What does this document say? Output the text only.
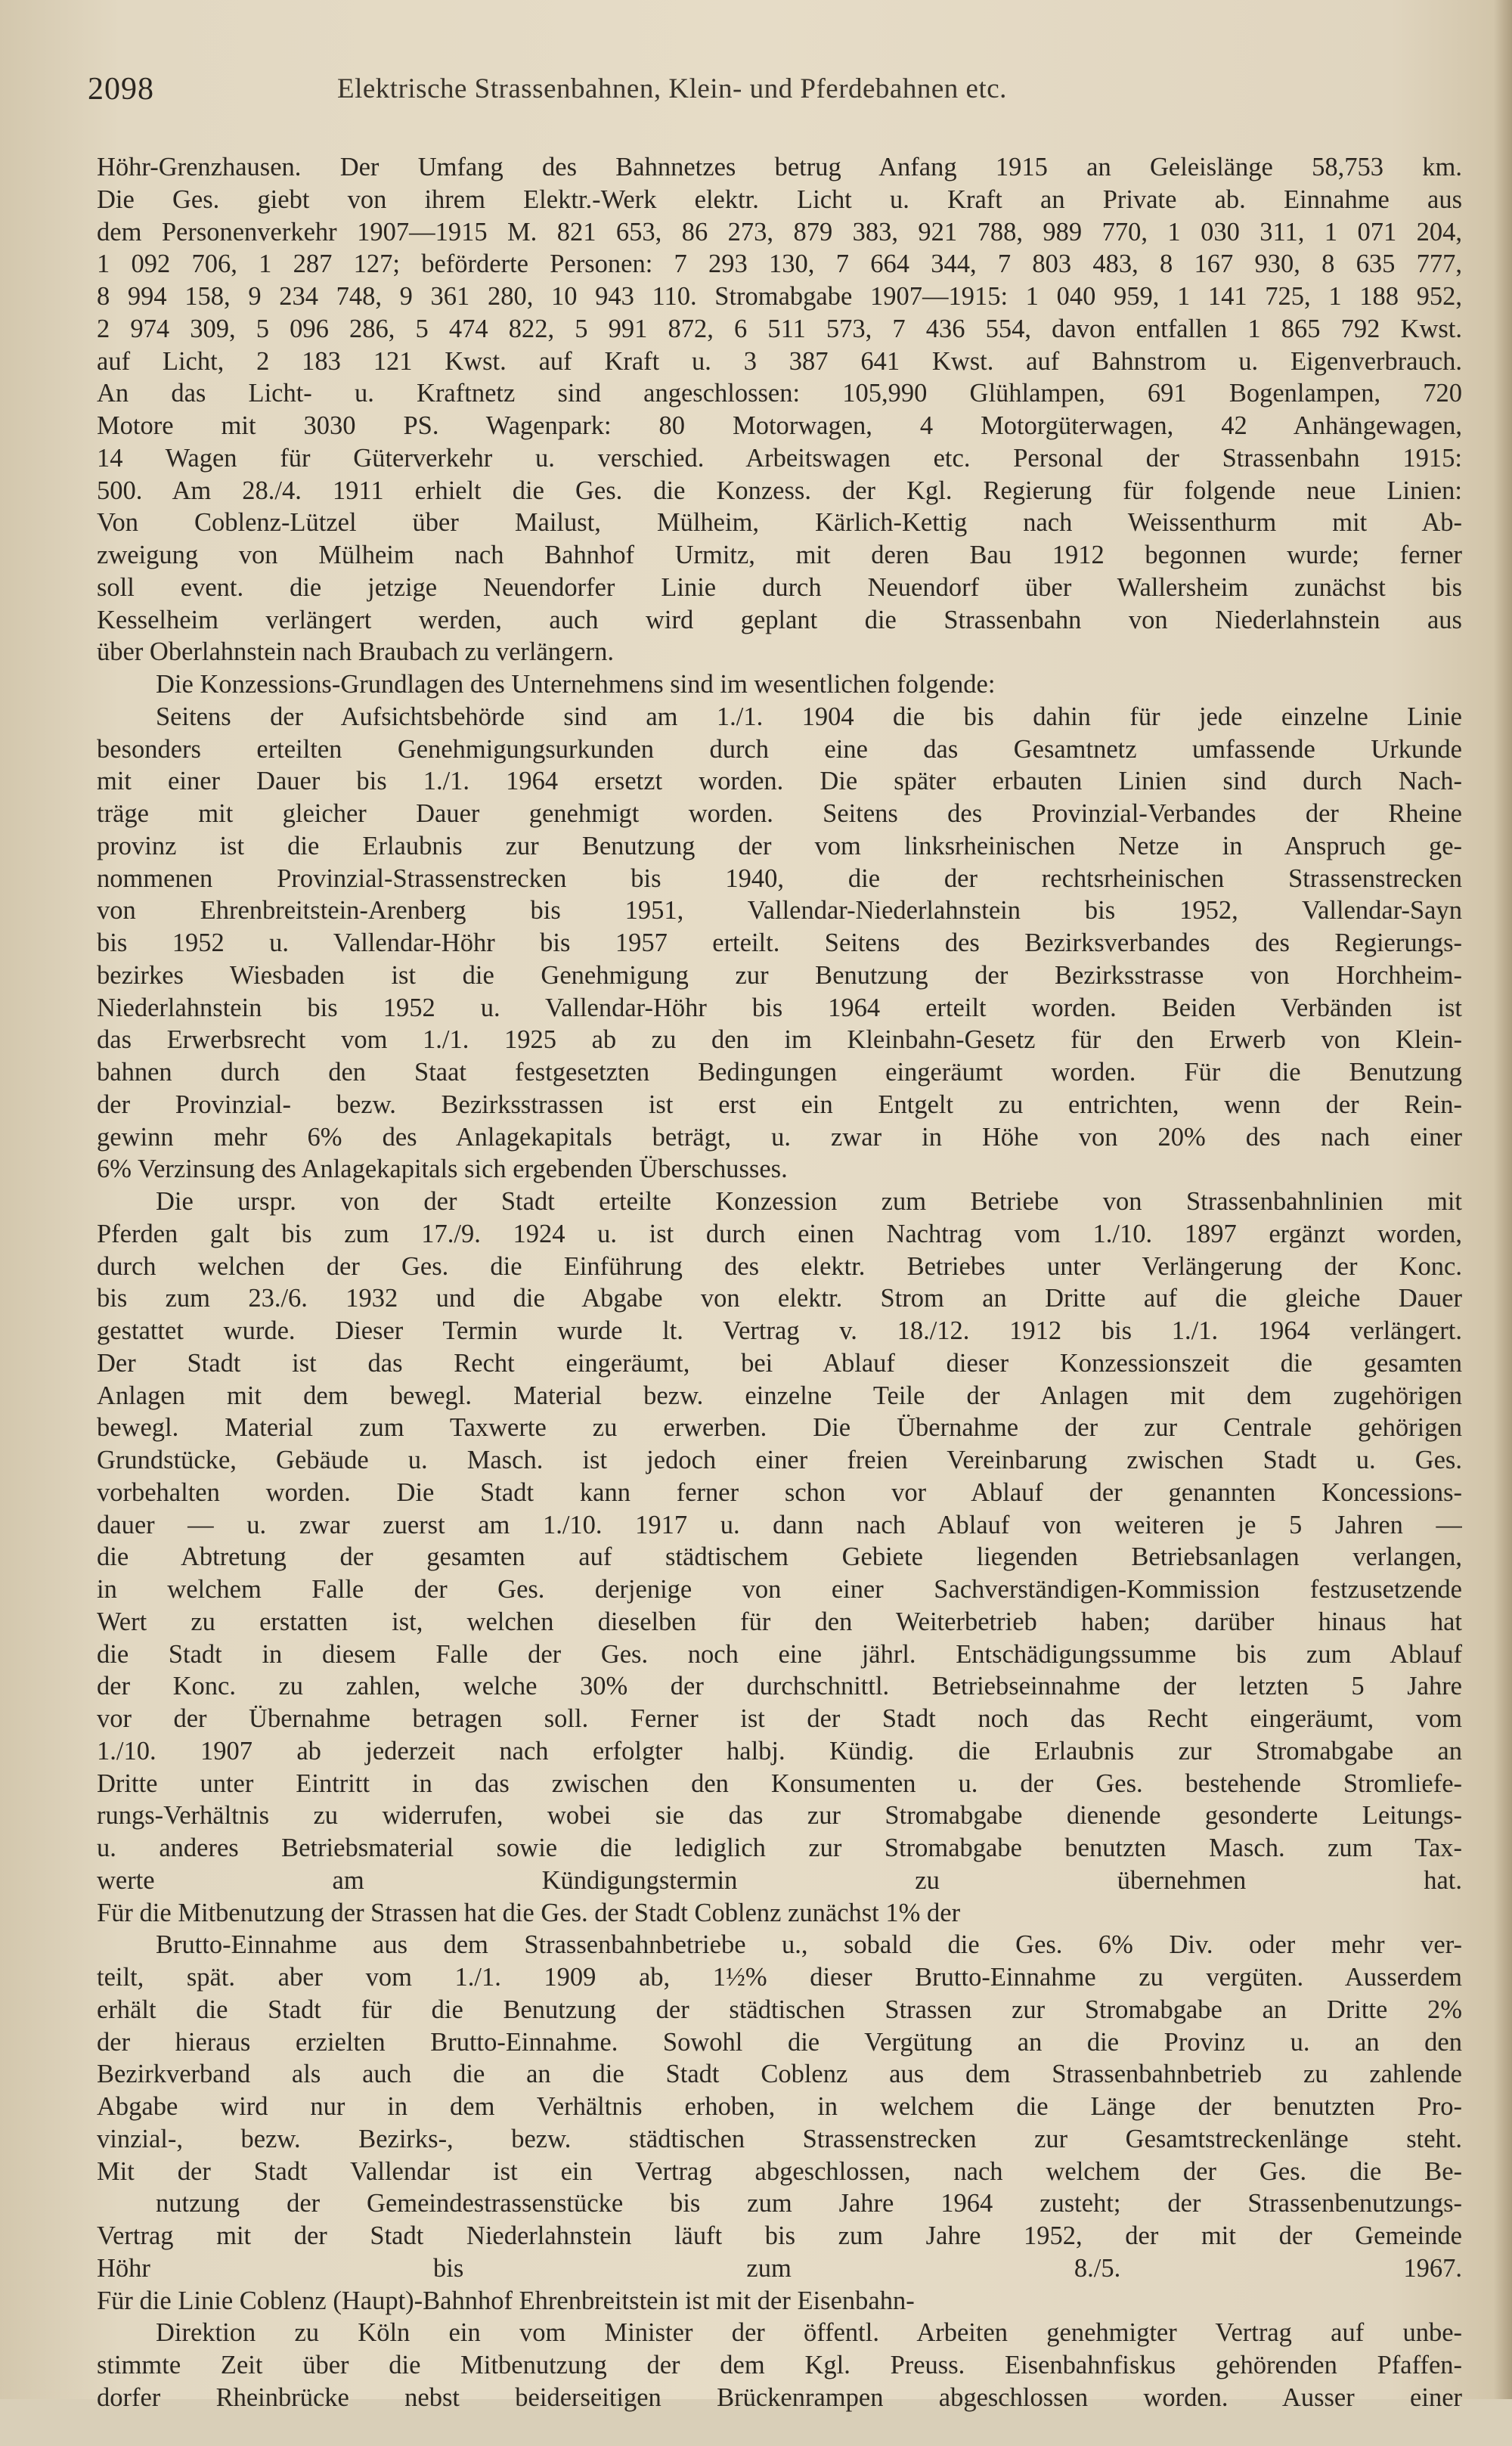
2098	Elektrische Strassenbahnen, Klein- und Pferdebahnen etc.
Höhr-Grenzhausen. Der Umfang des Bahnnetzes betrug Anfang 1915 an Geleislänge 58,753 km.
Die Ges. giebt von ihrem Elektr.-Werk elektr. Licht u. Kraft an Private ab. Einnahme aus
dem Personenverkehr 1907—1915 M. 821 653, 86 273, 879 383, 921 788, 989 770, 1 030 311, 1 071 204,
1 092 706, 1 287 127; beförderte Personen: 7 293 130, 7 664 344, 7 803 483, 8 167 930, 8 635 777,
8 994 158, 9 234 748, 9 361 280, 10 943 110. Stromabgabe 1907—1915: 1 040 959, 1 141 725, 1 188 952,
2 974 309, 5 096 286, 5 474 822, 5 991 872, 6 511 573, 7 436 554, davon entfallen 1 865 792 Kwst.
auf Licht, 2 183 121 Kwst. auf Kraft u. 3 387 641 Kwst. auf Bahnstrom u. Eigenverbrauch.
An das Licht- u. Kraftnetz sind angeschlossen: 105,990 Glühlampen, 691 Bogenlampen, 720
Motore mit 3030 PS. Wagenpark: 80 Motorwagen, 4 Motorgüterwagen, 42 Anhängewagen,
14 Wagen für Güterverkehr u. verschied. Arbeitswagen etc. Personal der Strassenbahn 1915:
500. Am 28./4. 1911 erhielt die Ges. die Konzess. der Kgl. Regierung für folgende neue Linien:
Von Coblenz-Lützel über Mailust, Mülheim, Kärlich-Kettig nach Weissenthurm mit Ab-
zweigung von Mülheim nach Bahnhof Urmitz, mit deren Bau 1912 begonnen wurde; ferner
soll event. die jetzige Neuendorfer Linie durch Neuendorf über Wallersheim zunächst bis
Kesselheim verlängert werden, auch wird geplant die Strassenbahn von Niederlahnstein aus
über Oberlahnstein nach Braubach zu verlängern.
Die Konzessions-Grundlagen des Unternehmens sind im wesentlichen folgende:
Seitens der Aufsichtsbehörde sind am 1./1. 1904 die bis dahin für jede einzelne Linie
besonders erteilten Genehmigungsurkunden durch eine das Gesamtnetz umfassende Urkunde
mit einer Dauer bis 1./1. 1964 ersetzt worden. Die später erbauten Linien sind durch Nach-
träge mit gleicher Dauer genehmigt worden. Seitens des Provinzial-Verbandes der Rheine
provinz ist die Erlaubnis zur Benutzung der vom linksrheinischen Netze in Anspruch ge-
nommenen Provinzial-Strassenstrecken bis 1940, die der rechtsrheinischen Strassenstrecken
von Ehrenbreitstein-Arenberg bis 1951, Vallendar-Niederlahnstein bis 1952, Vallendar-Sayn
bis 1952 u. Vallendar-Höhr bis 1957 erteilt. Seitens des Bezirksverbandes des Regierungs-
bezirkes Wiesbaden ist die Genehmigung zur Benutzung der Bezirksstrasse von Horchheim-
Niederlahnstein bis 1952 u. Vallendar-Höhr bis 1964 erteilt worden. Beiden Verbänden ist
das Erwerbsrecht vom 1./1. 1925 ab zu den im Kleinbahn-Gesetz für den Erwerb von Klein-
bahnen durch den Staat festgesetzten Bedingungen eingeräumt worden. Für die Benutzung
der Provinzial- bezw. Bezirksstrassen ist erst ein Entgelt zu entrichten, wenn der Rein-
gewinn mehr 6% des Anlagekapitals beträgt, u. zwar in Höhe von 20% des nach einer
6% Verzinsung des Anlagekapitals sich ergebenden Überschusses.
Die urspr. von der Stadt erteilte Konzession zum Betriebe von Strassenbahnlinien mit
Pferden galt bis zum 17./9. 1924 u. ist durch einen Nachtrag vom 1./10. 1897 ergänzt worden,
durch welchen der Ges. die Einführung des elektr. Betriebes unter Verlängerung der Konc.
bis zum 23./6. 1932 und die Abgabe von elektr. Strom an Dritte auf die gleiche Dauer
gestattet wurde. Dieser Termin wurde lt. Vertrag v. 18./12. 1912 bis 1./1. 1964 verlängert.
Der Stadt ist das Recht eingeräumt, bei Ablauf dieser Konzessionszeit die gesamten
Anlagen mit dem bewegl. Material bezw. einzelne Teile der Anlagen mit dem zugehörigen
bewegl. Material zum Taxwerte zu erwerben. Die Übernahme der zur Centrale gehörigen
Grundstücke, Gebäude u. Masch. ist jedoch einer freien Vereinbarung zwischen Stadt u. Ges.
vorbehalten worden. Die Stadt kann ferner schon vor Ablauf der genannten Koncessions-
dauer — u. zwar zuerst am 1./10. 1917 u. dann nach Ablauf von weiteren je 5 Jahren —
die Abtretung der gesamten auf städtischem Gebiete liegenden Betriebsanlagen verlangen,
in welchem Falle der Ges. derjenige von einer Sachverständigen-Kommission festzusetzende
Wert zu erstatten ist, welchen dieselben für den Weiterbetrieb haben; darüber hinaus hat
die Stadt in diesem Falle der Ges. noch eine jährl. Entschädigungssumme bis zum Ablauf
der Konc. zu zahlen, welche 30% der durchschnittl. Betriebseinnahme der letzten 5 Jahre
vor der Übernahme betragen soll. Ferner ist der Stadt noch das Recht eingeräumt, vom
1./10. 1907 ab jederzeit nach erfolgter halbj. Kündig. die Erlaubnis zur Stromabgabe an
Dritte unter Eintritt in das zwischen den Konsumenten u. der Ges. bestehende Stromliefe-
rungs-Verhältnis zu widerrufen, wobei sie das zur Stromabgabe dienende gesonderte Leitungs-
u. anderes Betriebsmaterial sowie die lediglich zur Stromabgabe benutzten Masch. zum Tax-
werte am Kündigungstermin zu übernehmen hat.
Für die Mitbenutzung der Strassen hat die Ges. der Stadt Coblenz zunächst 1% der
Brutto-Einnahme aus dem Strassenbahnbetriebe u., sobald die Ges. 6% Div. oder mehr ver-
teilt, spät. aber vom 1./1. 1909 ab, 1½% dieser Brutto-Einnahme zu vergüten. Ausserdem
erhält die Stadt für die Benutzung der städtischen Strassen zur Stromabgabe an Dritte 2%
der hieraus erzielten Brutto-Einnahme. Sowohl die Vergütung an die Provinz u. an den
Bezirkverband als auch die an die Stadt Coblenz aus dem Strassenbahnbetrieb zu zahlende
Abgabe wird nur in dem Verhältnis erhoben, in welchem die Länge der benutzten Pro-
vinzial-, bezw. Bezirks-, bezw. städtischen Strassenstrecken zur Gesamtstreckenlänge steht.
Mit der Stadt Vallendar ist ein Vertrag abgeschlossen, nach welchem der Ges. die Be-
nutzung der Gemeindestrassenstücke bis zum Jahre 1964 zusteht; der Strassenbenutzungs-
Vertrag mit der Stadt Niederlahnstein läuft bis zum Jahre 1952, der mit der Gemeinde
Höhr bis zum 8./5. 1967.
Für die Linie Coblenz (Haupt)-Bahnhof Ehrenbreitstein ist mit der Eisenbahn-
Direktion zu Köln ein vom Minister der öffentl. Arbeiten genehmigter Vertrag auf unbe-
stimmte Zeit über die Mitbenutzung der dem Kgl. Preuss. Eisenbahnfiskus gehörenden Pfaffen-
dorfer Rheinbrücke nebst beiderseitigen Brückenrampen abgeschlossen worden. Ausser einer
